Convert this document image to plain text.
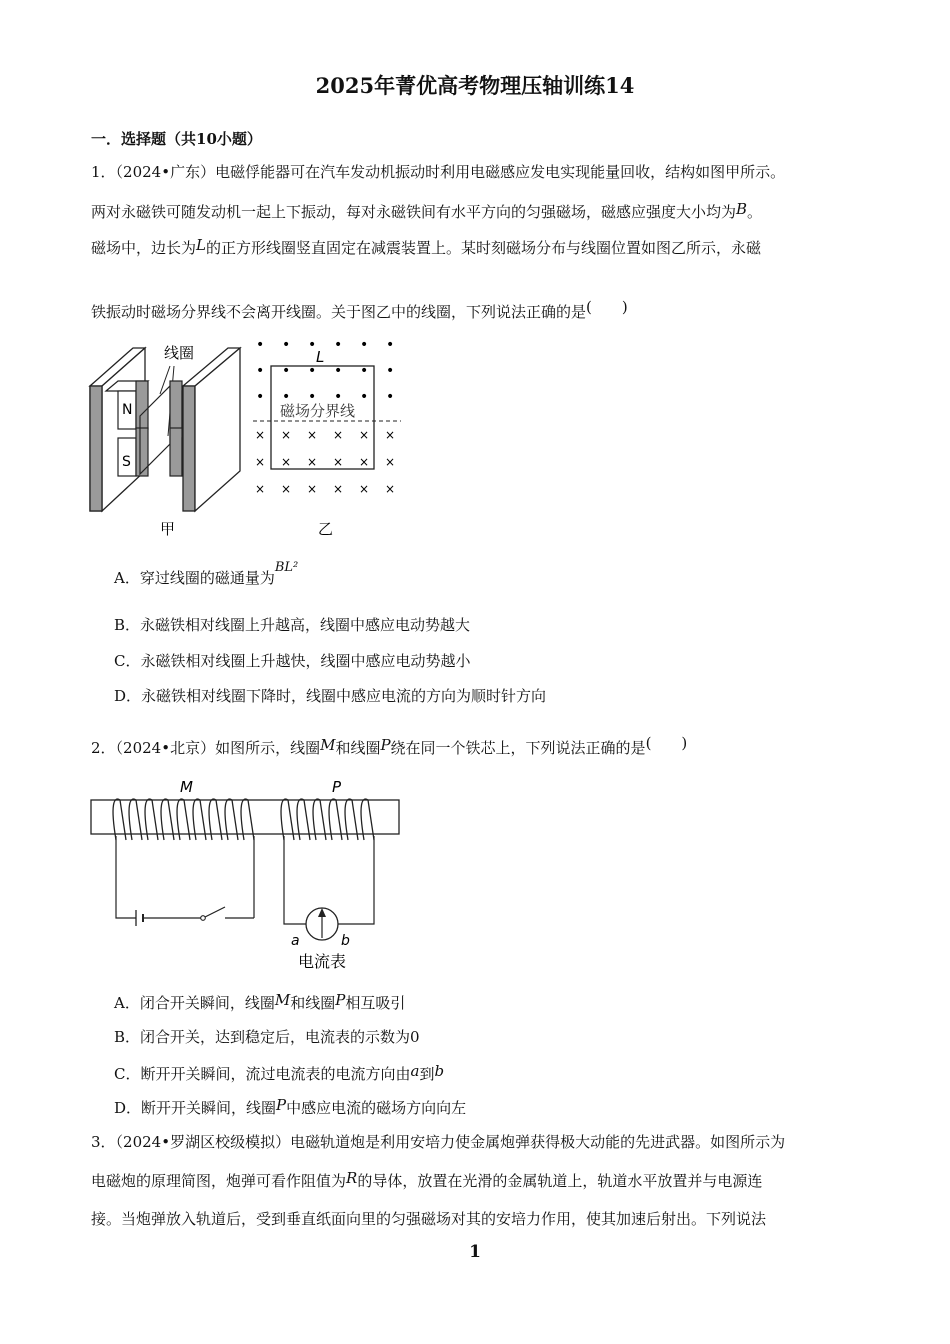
2025年菁优高考物理压轴训练14
一．选择题（共10小题）
1．（2024•广东）电磁俘能器可在汽车发动机振动时利用电磁感应发电实现能量回收，结构如图甲所示。
两对永磁铁可随发动机一起上下振动，每对永磁铁间有水平方向的匀强磁场，磁感应强度大小均为B。
磁场中，边长为L的正方形线圈竖直固定在减震装置上。某时刻磁场分布与线圈位置如图乙所示，永磁
铁振动时磁场分界线不会离开线圈。关于图乙中的线圈，下列说法正确的是(　　)
N
S
线圈
甲
• • • • • •
• • • • • •
• • • • • •
× × × × × ×
× × × × × ×
× × × × × ×
L
磁场分界线
乙
A．穿过线圈的磁通量为BL²
B．永磁铁相对线圈上升越高，线圈中感应电动势越大
C．永磁铁相对线圈上升越快，线圈中感应电动势越小
D．永磁铁相对线圈下降时，线圈中感应电流的方向为顺时针方向
2．（2024•北京）如图所示，线圈M和线圈P绕在同一个铁芯上，下列说法正确的是(　　)
M	P
a	b
电流表
A．闭合开关瞬间，线圈M和线圈P相互吸引
B．闭合开关，达到稳定后，电流表的示数为0
C．断开开关瞬间，流过电流表的电流方向由a到b
D．断开开关瞬间，线圈P中感应电流的磁场方向向左
3．（2024•罗湖区校级模拟）电磁轨道炮是利用安培力使金属炮弹获得极大动能的先进武器。如图所示为
电磁炮的原理简图，炮弹可看作阻值为R的导体，放置在光滑的金属轨道上，轨道水平放置并与电源连
接。当炮弹放入轨道后，受到垂直纸面向里的匀强磁场对其的安培力作用，使其加速后射出。下列说法
1
